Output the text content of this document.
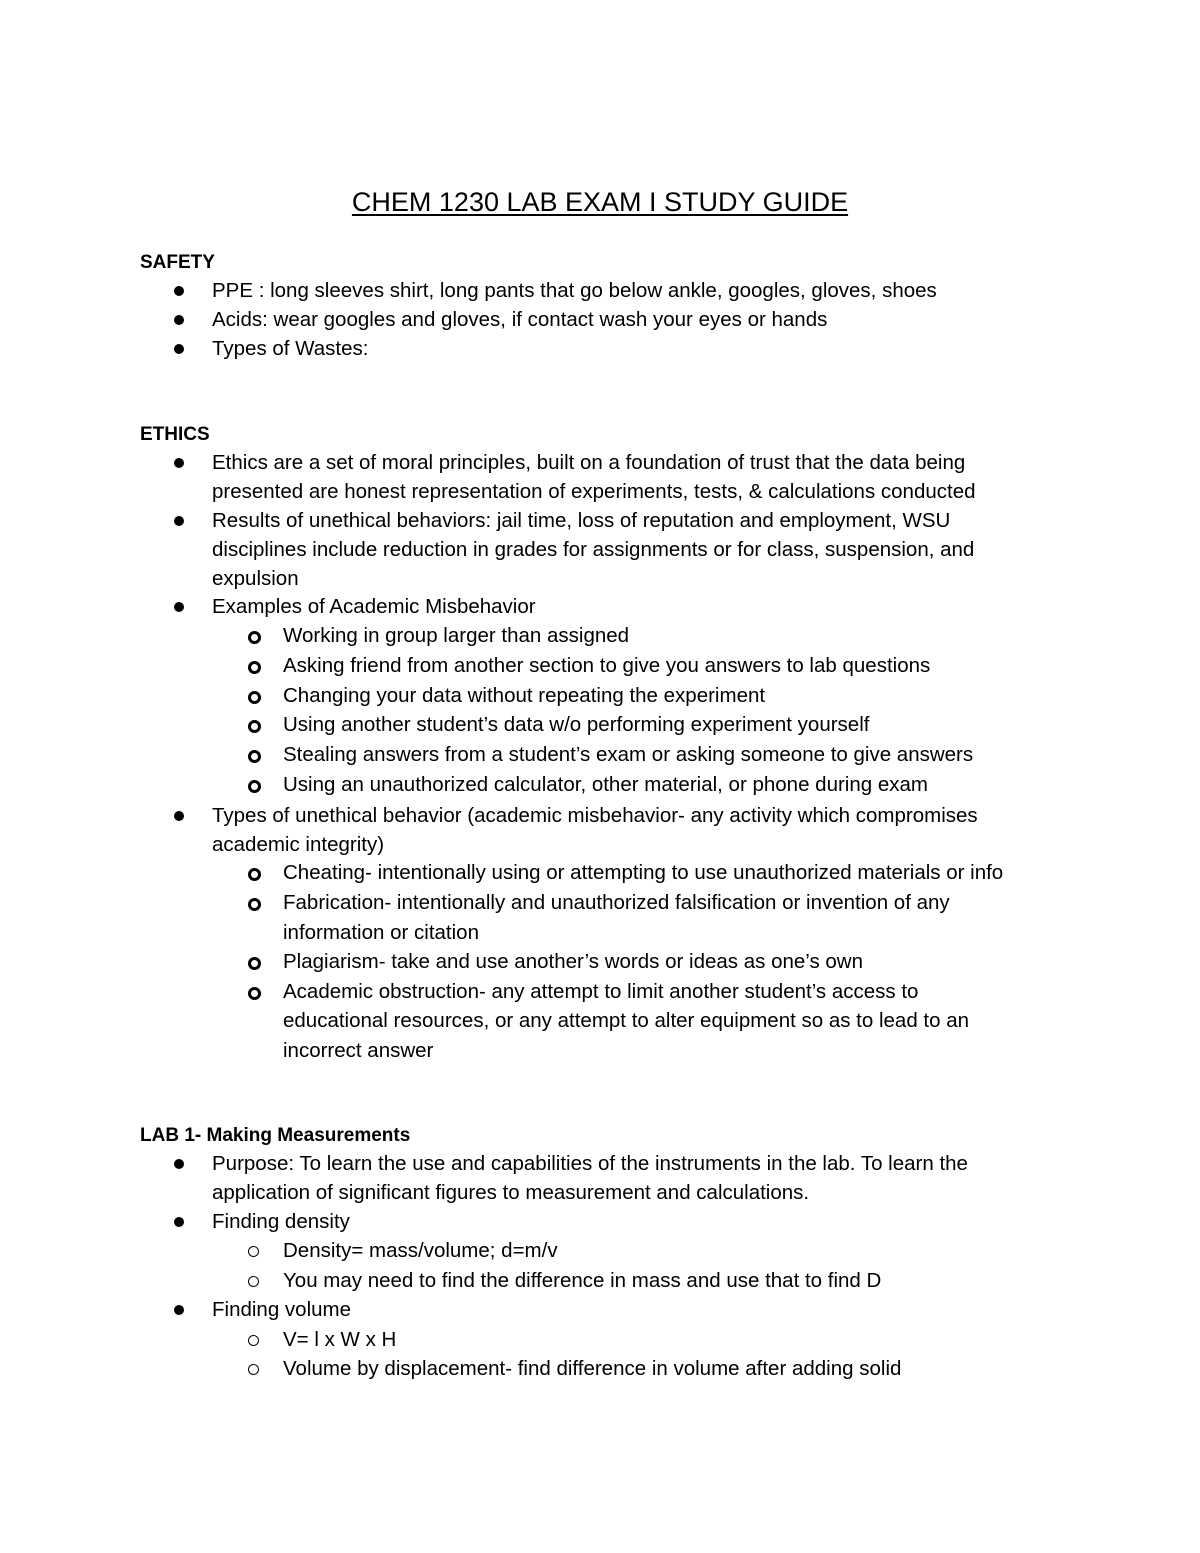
CHEM 1230 LAB EXAM I STUDY GUIDE
SAFETY
PPE : long sleeves shirt, long pants that go below ankle, googles, gloves, shoes
Acids: wear googles and gloves, if contact wash your eyes or hands
Types of Wastes:
ETHICS
Ethics are a set of moral principles, built on a foundation of trust that the data being
presented are honest representation of experiments, tests, & calculations conducted
Results of unethical behaviors: jail time, loss of reputation and employment, WSU
disciplines include reduction in grades for assignments or for class, suspension, and
expulsion
Examples of Academic Misbehavior
Working in group larger than assigned
Asking friend from another section to give you answers to lab questions
Changing your data without repeating the experiment
Using another student’s data w/o performing experiment yourself
Stealing answers from a student’s exam or asking someone to give answers
Using an unauthorized calculator, other material, or phone during exam
Types of unethical behavior (academic misbehavior- any activity which compromises
academic integrity)
Cheating- intentionally using or attempting to use unauthorized materials or info
Fabrication- intentionally and unauthorized falsification or invention of any
information or citation
Plagiarism- take and use another’s words or ideas as one’s own
Academic obstruction- any attempt to limit another student’s access to
educational resources, or any attempt to alter equipment so as to lead to an
incorrect answer
LAB 1- Making Measurements
Purpose: To learn the use and capabilities of the instruments in the lab. To learn the
application of significant figures to measurement and calculations.
Finding density
Density= mass/volume; d=m/v
You may need to find the difference in mass and use that to find D
Finding volume
V= l x W x H
Volume by displacement- find difference in volume after adding solid
